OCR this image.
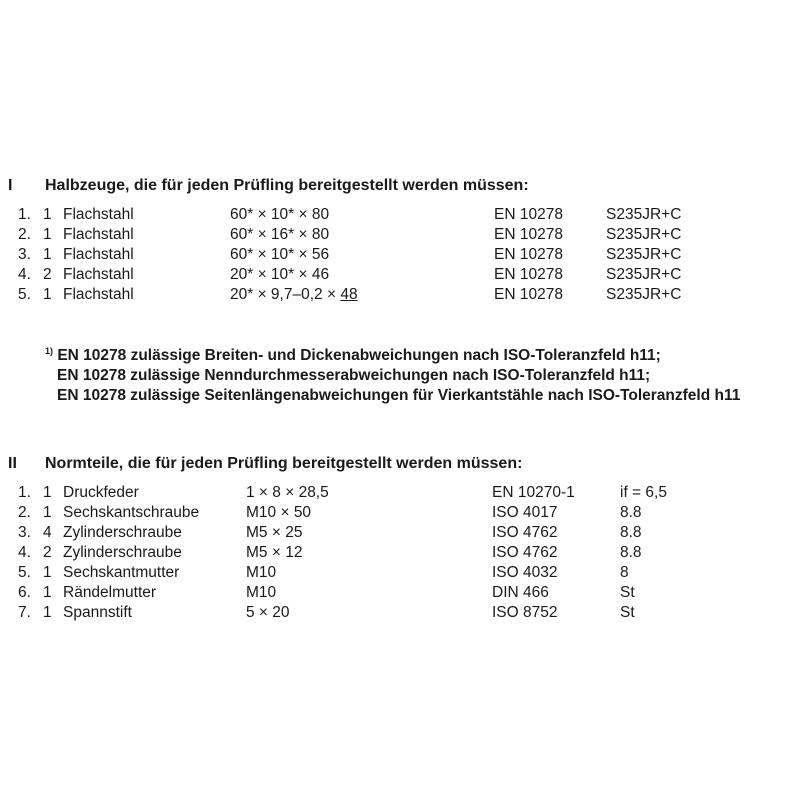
I Halbzeuge, die für jeden Prüfling bereitgestellt werden müssen:
1. 1 Flachstahl	60* × 10* × 80	EN 10278	S235JR+C
2. 1 Flachstahl	60* × 16* × 80	EN 10278	S235JR+C
3. 1 Flachstahl	60* × 10* × 56	EN 10278	S235JR+C
4. 2 Flachstahl	20* × 10* × 46	EN 10278	S235JR+C
5. 1 Flachstahl	20* × 9,7–0,2 × 48	EN 10278	S235JR+C
$^{1)}$ EN 10278 zulässige Breiten- und Dickenabweichungen nach ISO-Toleranzfeld h11;
EN 10278 zulässige Nenndurchmesserabweichungen nach ISO-Toleranzfeld h11;
EN 10278 zulässige Seitenlängenabweichungen für Vierkantstähle nach ISO-Toleranzfeld h11
II Normteile, die für jeden Prüfling bereitgestellt werden müssen:
1. 1 Druckfeder	1 × 8 × 28,5	EN 10270-1	if = 6,5
2. 1 Sechskantschraube	M10 × 50	ISO 4017	8.8
3. 4 Zylinderschraube	M5 × 25	ISO 4762	8.8
4. 2 Zylinderschraube	M5 × 12	ISO 4762	8.8
5. 1 Sechskantmutter	M10	ISO 4032	8
6. 1 Rändelmutter	M10	DIN 466	St
7. 1 Spannstift	5 × 20	ISO 8752	St
